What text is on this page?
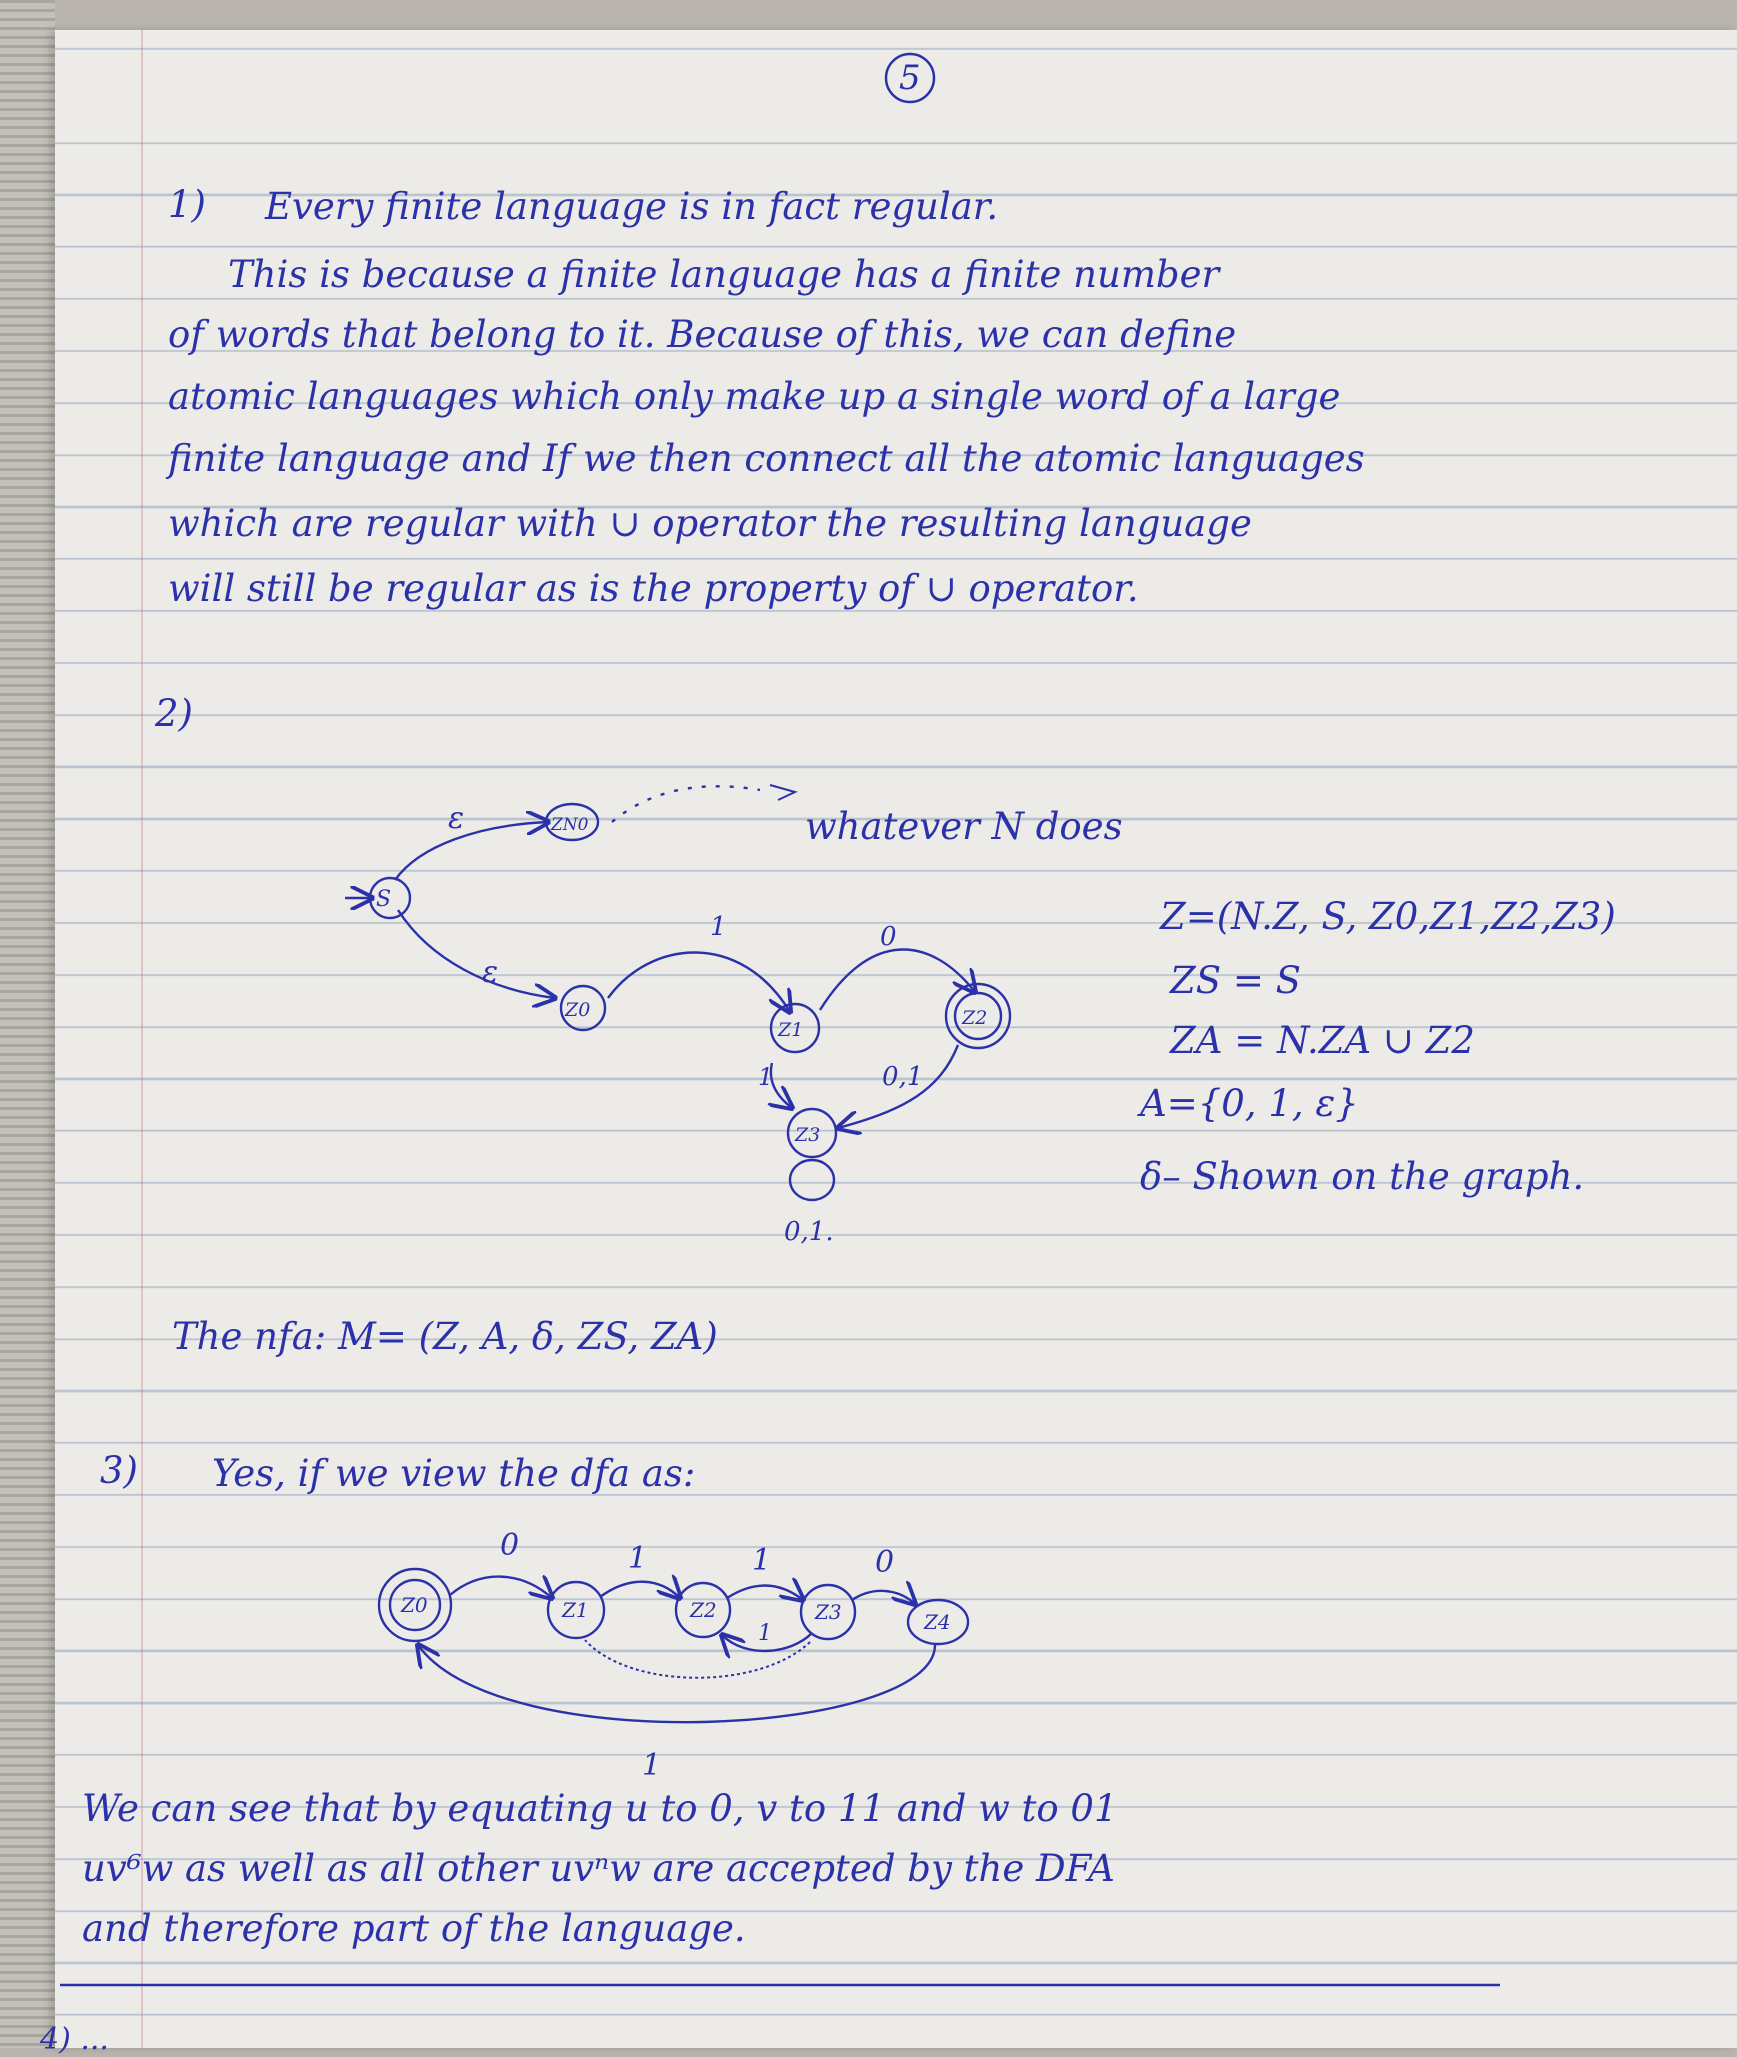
5
1) Every finite language is in fact regular.
This is because a finite language has a finite number
of words that belong to it. Because of this, we can define
atomic languages which only make up a single word of a large
finite language and If we then connect all the atomic languages
which are regular with ∪ operator the resulting language
will still be regular as is the property of ∪ operator.
2)
S
ZN0
Z0
Z1
Z2
Z3
ε
ε
1	0
0,1
1
0,1.
whatever N does
Z=(N.Z, S, Z0,Z1,Z2,Z3)
ZS = S
ZA = N.ZA ∪ Z2
A={0, 1, ε}
δ– Shown on the graph.
The nfa: M= (Z, A, δ, ZS, ZA)
3) Yes, if we view the dfa as:
Z0	Z1	Z2	Z3	Z4
0	1	1	0
1
1
We can see that by equating u to 0, v to 11 and w to 01
uv⁶w as well as all other uvⁿw are accepted by the DFA
and therefore part of the language.
4) ...
